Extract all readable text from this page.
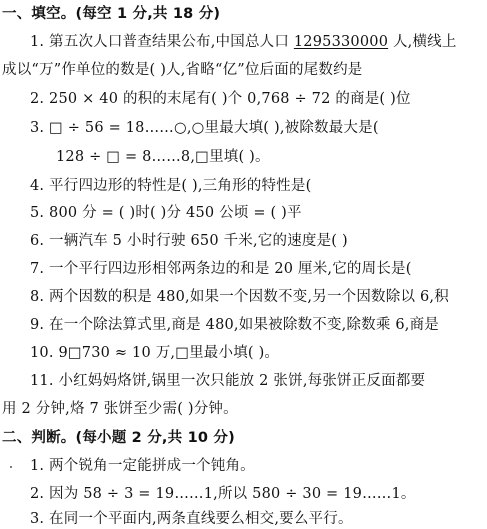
一、填空。(每空 1 分,共 18 分)
1. 第五次人口普查结果公布,中国总人口 1295330000 人,横线上
成以“万”作单位的数是( )人,省略“亿”位后面的尾数约是
2. 250 × 40 的积的末尾有( )个 0,768 ÷ 72 的商是( )位
3. □ ÷ 56 = 18……○,○里最大填( ),被除数最大是(
128 ÷ □ = 8……8,□里填( )。
4. 平行四边形的特性是( ),三角形的特性是(
5. 800 分 = ( )时( )分 450 公顷 = ( )平
6. 一辆汽车 5 小时行驶 650 千米,它的速度是( )
7. 一个平行四边形相邻两条边的和是 20 厘米,它的周长是(
8. 两个因数的积是 480,如果一个因数不变,另一个因数除以 6,积
9. 在一个除法算式里,商是 480,如果被除数不变,除数乘 6,商是
10. 9□730 ≈ 10 万,□里最小填( )。
11. 小红妈妈烙饼,锅里一次只能放 2 张饼,每张饼正反面都要
用 2 分钟,烙 7 张饼至少需( )分钟。
二、判断。(每小题 2 分,共 10 分)
1. 两个锐角一定能拼成一个钝角。
2. 因为 58 ÷ 3 = 19……1,所以 580 ÷ 30 = 19……1。
3. 在同一个平面内,两条直线要么相交,要么平行。
